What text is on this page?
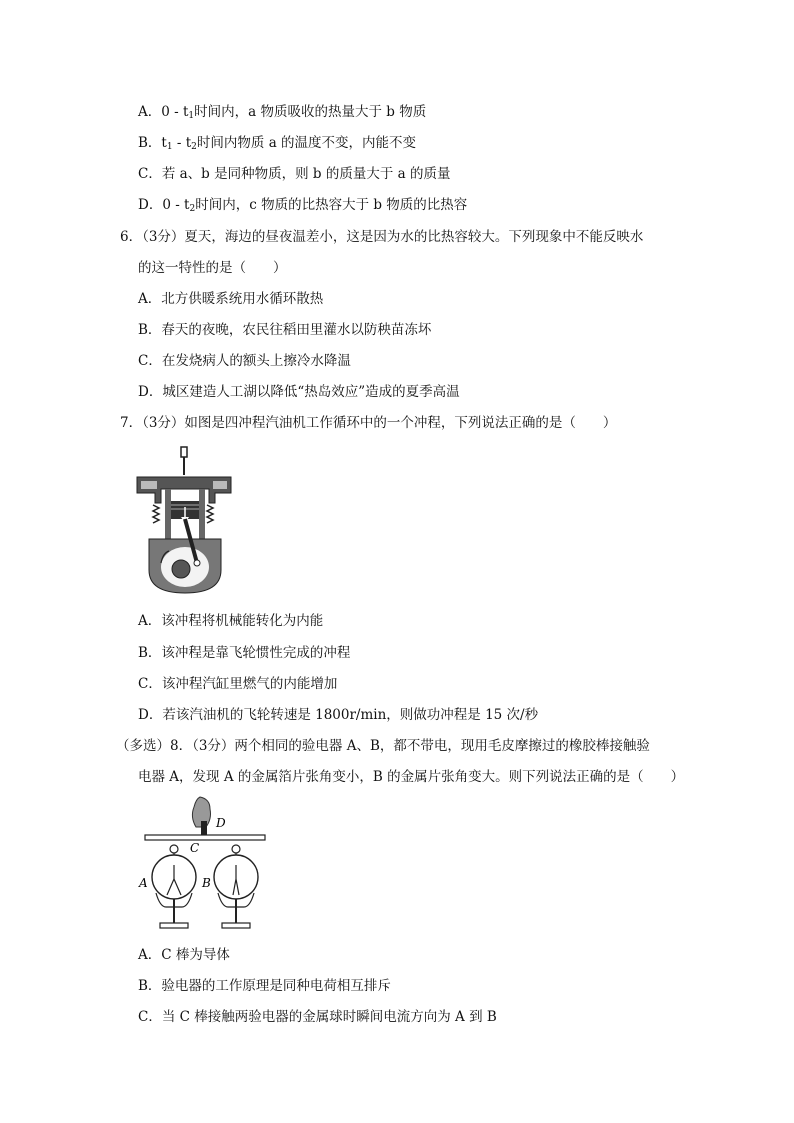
A．$0 - t_1$时间内，a 物质吸收的热量大于 b 物质
B．$t_1 - t_2$时间内物质 a 的温度不变，内能不变
C．若 a、b 是同种物质，则 b 的质量大于 a 的质量
D．$0 - t_2$时间内，c 物质的比热容大于 b 物质的比热容
6．（3分）夏天，海边的昼夜温差小，这是因为水的比热容较大。下列现象中不能反映水
的这一特性的是（　　）
A．北方供暖系统用水循环散热
B．春天的夜晚，农民往稻田里灌水以防秧苗冻坏
C．在发烧病人的额头上擦冷水降温
D．城区建造人工湖以降低“热岛效应”造成的夏季高温
7．（3分）如图是四冲程汽油机工作循环中的一个冲程，下列说法正确的是（　　）
A．该冲程将机械能转化为内能
B．该冲程是靠飞轮惯性完成的冲程
C．该冲程汽缸里燃气的内能增加
D．若该汽油机的飞轮转速是 1800r/min，则做功冲程是 15 次/秒
（多选）8．（3分）两个相同的验电器 A、B，都不带电，现用毛皮摩擦过的橡胶棒接触验
电器 A，发现 A 的金属箔片张角变小，B 的金属片张角变大。则下列说法正确的是（　　）
D
C
A	B
A．C 棒为导体
B．验电器的工作原理是同种电荷相互排斥
C．当 C 棒接触两验电器的金属球时瞬间电流方向为 A 到 B
